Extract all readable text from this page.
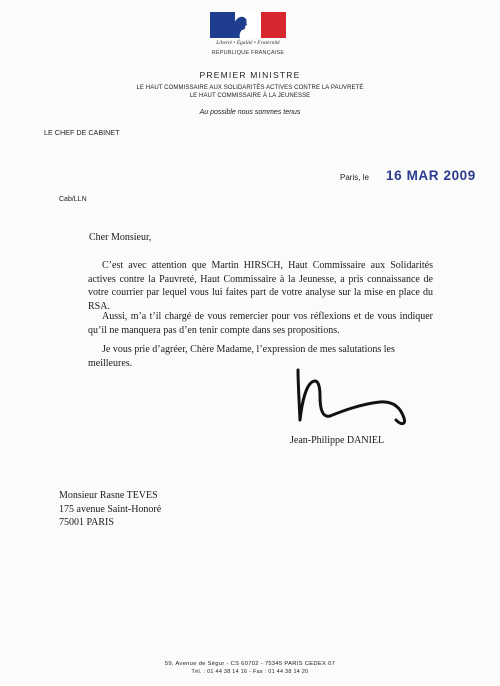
Liberté • Égalité • Fraternité
RÉPUBLIQUE FRANÇAISE
PREMIER MINISTRE
LE HAUT COMMISSAIRE AUX SOLIDARITÉS ACTIVES CONTRE LA PAUVRETÉ
LE HAUT COMMISSAIRE À LA JEUNESSE
Au possible nous sommes tenus
LE CHEF DE CABINET
Paris, le 16 MAR 2009
Cab/LLN
Cher Monsieur,
C’est avec attention que Martin HIRSCH, Haut Commissaire aux Solidarités actives contre la Pauvreté, Haut Commissaire à la Jeunesse, a pris connaissance de votre courrier par lequel vous lui faites part de votre analyse sur la mise en place du RSA.
Aussi, m’a t’il chargé de vous remercier pour vos réflexions et de vous indiquer qu’il ne manquera pas d’en tenir compte dans ses propositions.
Je vous prie d’agréer, Chère Madame, l’expression de mes salutations les meilleures.
Jean-Philippe DANIEL
Monsieur Rasne TEVES
175 avenue Saint-Honoré
75001 PARIS
59, Avenue de Ségur - CS 60702 - 75345 PARIS CEDEX 07
Tél. : 01 44 38 14 16 - Fax : 01 44 38 14 20
